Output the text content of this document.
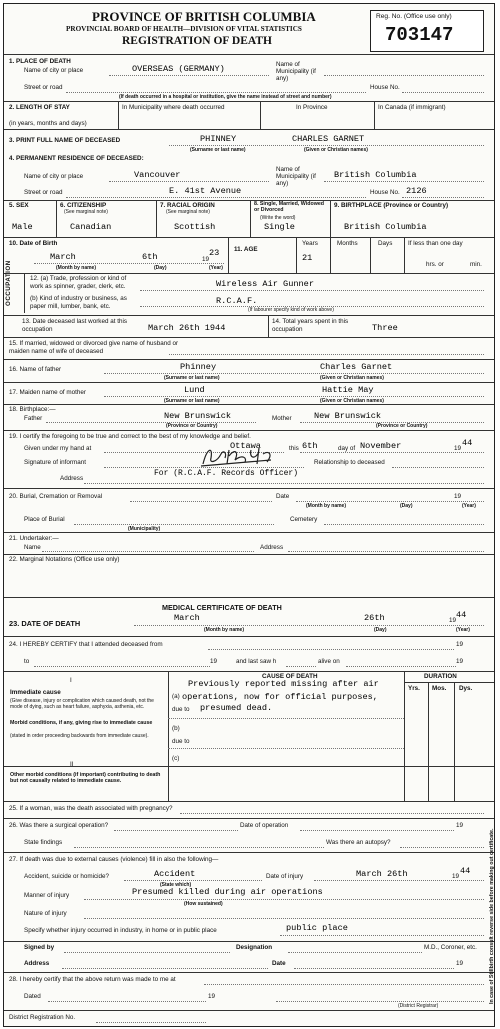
PROVINCE OF BRITISH COLUMBIA
PROVINCIAL BOARD OF HEALTH—DIVISION OF VITAL STATISTICS
REGISTRATION OF DEATH
Reg. No. (Office use only)
703147
1. PLACE OF DEATH
Name of city or place	OVERSEAS (GERMANY)	Name of Municipality (if any)
Street or road	House No.
(If death occurred in a hospital or institution, give the name instead of street and number)
2. LENGTH OF STAY
(in years, months and days)
In Municipality where death occurred	In Province	In Canada (if immigrant)
3. PRINT FULL NAME OF DECEASED	PHINNEY	CHARLES GARNET
(Surname or last name)	(Given or Christian names)
4. PERMANENT RESIDENCE OF DECEASED:
Name of city or place	Vancouver
Name of Municipality (if any)
British Columbia
Street or road	E. 41st Avenue	House No. 2126
5. SEX
Male
6. CITIZENSHIP
(See marginal note)
Canadian
7. RACIAL ORIGIN
(See marginal note)
Scottish
8. Single, Married, Widowed or Divorced
(Write the word)
Single
9. BIRTHPLACE (Province or Country)
British Columbia
10. Date of Birth
March	6th	19
23
(Month by name)	(Day)	(Year)
11. AGE
Years
21
Months	Days If less than one day
hrs. or	min.
OCCUPATION	12. (a) Trade, profession or kind of work as spinner, grader, clerk, etc.	Wireless Air Gunner
(b) Kind of industry or business, as paper mill, lumber, bank, etc.
R.C.A.F.
(If labourer specify kind of work above)
13. Date deceased last worked at this occupation	March 26th 1944
14. Total years spent in this occupation	Three
15. If married, widowed or divorced give name of husband or maiden name of wife of deceased
16. Name of father	Phinney	Charles Garnet
(Surname or last name)	(Given or Christian names)
17. Maiden name of mother	Lund	Hattie May
(Surname or last name)	(Given or Christian names)
18. Birthplace:—
Father	New Brunswick	Mother	New Brunswick
(Province or Country)	(Province or Country)
19. I certify the foregoing to be true and correct to the best of my knowledge and belief.
Given under my hand at	Ottawa	this 6th	day of November	19
44
Signature of informant
For (R.C.A.F. Records Officer)
Relationship to deceased
Address
20. Burial, Cremation or Removal	Date	19
(Month by name)	(Day)	(Year)
Place of Burial
(Municipality)
Cemetery
21. Undertaker:—
Name	Address
22. Marginal Notations (Office use only)
MEDICAL CERTIFICATE OF DEATH
23. DATE OF DEATH
March	26th	19
44
(Month by name)	(Day)	(Year)
24. I HEREBY CERTIFY that I attended deceased from	19
to	19	and last saw h	alive on	19
I
CAUSE OF DEATH	DURATION
Yrs. Mos. Dys.
Immediate cause
(Give disease, injury or complication which caused death, not the mode of dying, such as heart failure, asphyxia, asthenia, etc.
Morbid conditions, if any, giving rise to immediate cause
(stated in order proceeding backwards from immediate cause).
II
Other morbid conditions (if important) contributing to death but not causally related to immediate cause.
(a)
Previously reported missing after air
operations, now for official purposes,
due to presumed dead.
(b)
due to
(c)
25. If a woman, was the death associated with pregnancy?
26. Was there a surgical operation?	Date of operation	19
State findings	Was there an autopsy?
27. If death was due to external causes (violence) fill in also the following—
Accident, suicide or homicide?	Accident
(State which)
Date of injury	March 26th	19
44
Manner of injury	Presumed killed during air operations
(How sustained)
Nature of injury
Specify whether injury occurred in industry, in home or in public place	public place
Signed by	Designation	M.D., Coroner, etc.
Address	Date	19
28. I hereby certify that the above return was made to me at
Dated	19
(District Registrar)
District Registration No.
In case of Stillbirth consult reverse side before making out certificate.
